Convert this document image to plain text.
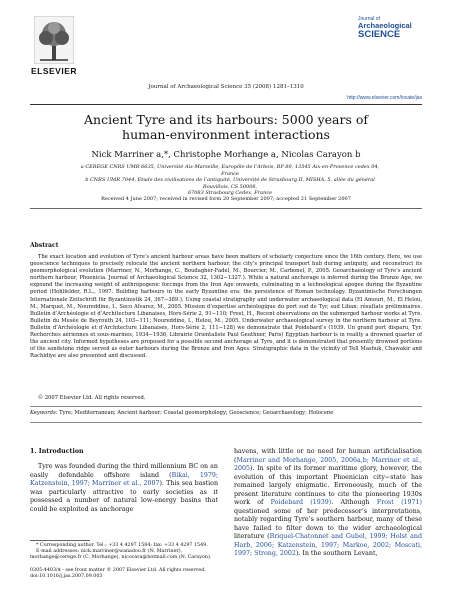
ELSEVIER
Journal of Archaeological Science 35 (2008) 1281–1310
Journal of
Archaeological
SCIENCE
http://www.elsevier.com/locate/jas
Ancient Tyre and its harbours: 5000 years of
human-environment interactions
Nick Marriner a,*, Christophe Morhange a, Nicolas Carayon b
a CEREGE CNRS UMR 6635, Université Aix-Marseille, Europôle de l’Arbois, BP 80, 13545 Aix-en-Provence cedex 04, France
b CNRS UMR 7044, Etude des civilisations de l’antiquité, Université de Strasbourg II, MISHA, 5, allée du général Rouvillois, CS 50008,
67083 Strasbourg Cedex, France
Received 4 June 2007; received in revised form 20 September 2007; accepted 21 September 2007
Abstract

The exact location and evolution of Tyre’s ancient harbour areas have been matters of scholarly conjecture since the 16th century. Here, we use geoscience techniques to precisely relocate the ancient northern harbour, the city’s principal transport hub during antiquity, and reconstruct its geomorphological evolution (Marriner, N., Morhange, C., Boudagher-Fadel, M., Bourcier, M., Carbonel, P., 2005. Geoarchaeology of Tyre’s ancient northern harbour, Phoenicia. Journal of Archaeological Science 32, 1302−1327.). While a natural anchorage is inferred during the Bronze Age, we expound the increasing weight of anthropogenic forcings from the Iron Age onwards, culminating in a technological apogee during the Byzantine period (Hohlfelder, R.L., 1997. Building harbours in the early Byzantine era: the persistence of Roman technology. Byzantinische Forschungen Internationale Zeitschrift für Byzantinistik 24, 367−389.). Using coastal stratigraphy and underwater archaeological data (El Amouri, M., El Helou, M., Marquet, M., Noureddine, I., Seco Alvarez, M., 2005. Mission d’expertise archéologique du port sud de Tyr, sud Liban: résultats préliminaires. Bulletin d’Archéologie et d’Architecture Libanaises, Hors-Série 2, 91−110; Frost, H., Recent observations on the submerged harbour works at Tyre. Bulletin du Musée de Beyrouth 24, 103−111; Noureddine, I., Helou, M., 2005. Underwater archaeological survey in the northern harbour at Tyre. Bulletin d’Archéologie et d’Architecture Libanaises, Hors-Série 2, 111−128) we demonstrate that Poidebard’s (1939. Un grand port disparu, Tyr. Recherches aériennes et sous-marines, 1934−1936, Librairie Orientaliste Paul Geuthner, Paris) Egyptian harbour is in reality a drowned quarter of the ancient city. Informed hypotheses are proposed for a possible second anchorage at Tyre, and it is demonstrated that presently drowned portions of the sandstone ridge served as outer harbours during the Bronze and Iron Ages. Stratigraphic data in the vicinity of Tell Mashuk, Chawakir and Rachidiye are also presented and discussed.

© 2007 Elsevier Ltd. All rights reserved.
Keywords: Tyre; Mediterranean; Ancient harbour; Coastal geomorphology; Geoscience; Geoarchaeology; Holocene
1. Introduction

Tyre was founded during the third millennium BC on an easily defendable offshore island (Bikai, 1979; Katzenstein, 1997; Marriner et al., 2007). This sea bastion was particularly attractive to early societies as it possessed a number of natural low-energy basins that could be exploited as anchorage

havens, with little or no need for human artificialisation (Marriner and Morhange, 2005, 2006a,b; Marriner et al., 2005). In spite of its former maritime glory, however, the evolution of this important Phoenician city−state has remained largely enigmatic. Erroneously, much of the present literature continues to cite the pioneering 1930s work of Poidebard (1939). Although Frost (1971) questioned some of her predecessor’s interpretations, notably regarding Tyre’s southern harbour, many of these have failed to filter down to the wider archaeological literature (Briquel-Chatonnet and Gubel, 1999; Holst and Harb, 2006; Katzenstein, 1997; Markoe, 2002; Moscati, 1997; Strong, 2002). In the southern Levant,

* Corresponding author. Tel.: +33 4 4297 1584; fax: +33 4 4297 1549.
E-mail addresses: nick.marriner@wanadoo.fr (N. Marriner), morhange@cerege.fr (C. Morhange), nicocara@hotmail.com (N. Carayon).
0305-4403/$ - see front matter © 2007 Elsevier Ltd. All rights reserved.
doi:10.1016/j.jas.2007.09.003
